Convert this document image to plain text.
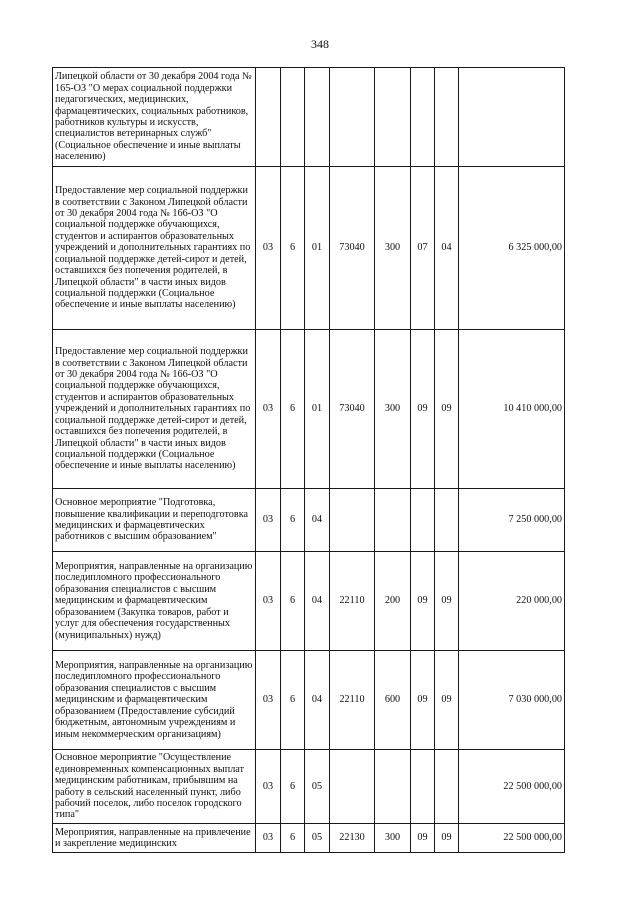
348
Липецкой области от 30 декабря 2004 года № 165-ОЗ "О мерах социальной поддержки педагогических, медицинских, фармацевтических, социальных работников, работников культуры и искусств, специалистов ветеринарных служб" (Социальное обеспечение и иные выплаты населению)								
Предоставление мер социальной поддержки в соответствии с Законом Липецкой области от 30 декабря 2004 года № 166-ОЗ "О социальной поддержке обучающихся, студентов и аспирантов образовательных учреждений и дополнительных гарантиях по социальной поддержке детей-сирот и детей, оставшихся без попечения родителей, в Липецкой области" в части иных видов социальной поддержки (Социальное обеспечение и иные выплаты населению)	03	6	01	73040	300	07	04	6 325 000,00
Предоставление мер социальной поддержки в соответствии с Законом Липецкой области от 30 декабря 2004 года № 166-ОЗ "О социальной поддержке обучающихся, студентов и аспирантов образовательных учреждений и дополнительных гарантиях по социальной поддержке детей-сирот и детей, оставшихся без попечения родителей, в Липецкой области" в части иных видов социальной поддержки (Социальное обеспечение и иные выплаты населению)	03	6	01	73040	300	09	09	10 410 000,00
Основное мероприятие "Подготовка, повышение квалификации и переподготовка медицинских и фармацевтических работников с высшим образованием"	03	6	04					7 250 000,00
Мероприятия, направленные на организацию последипломного профессионального образования специалистов с высшим медицинским и фармацевтическим образованием (Закупка товаров, работ и услуг для обеспечения государственных (муниципальных) нужд)	03	6	04	22110	200	09	09	220 000,00
Мероприятия, направленные на организацию последипломного профессионального образования специалистов с высшим медицинским и фармацевтическим образованием (Предоставление субсидий бюджетным, автономным учреждениям и иным некоммерческим организациям)	03	6	04	22110	600	09	09	7 030 000,00
Основное мероприятие "Осуществление единовременных компенсационных выплат медицинским работникам, прибывшим на работу в сельский населенный пункт, либо рабочий поселок, либо поселок городского типа"	03	6	05					22 500 000,00
Мероприятия, направленные на привлечение и закрепление медицинских	03	6	05	22130	300	09	09	22 500 000,00
